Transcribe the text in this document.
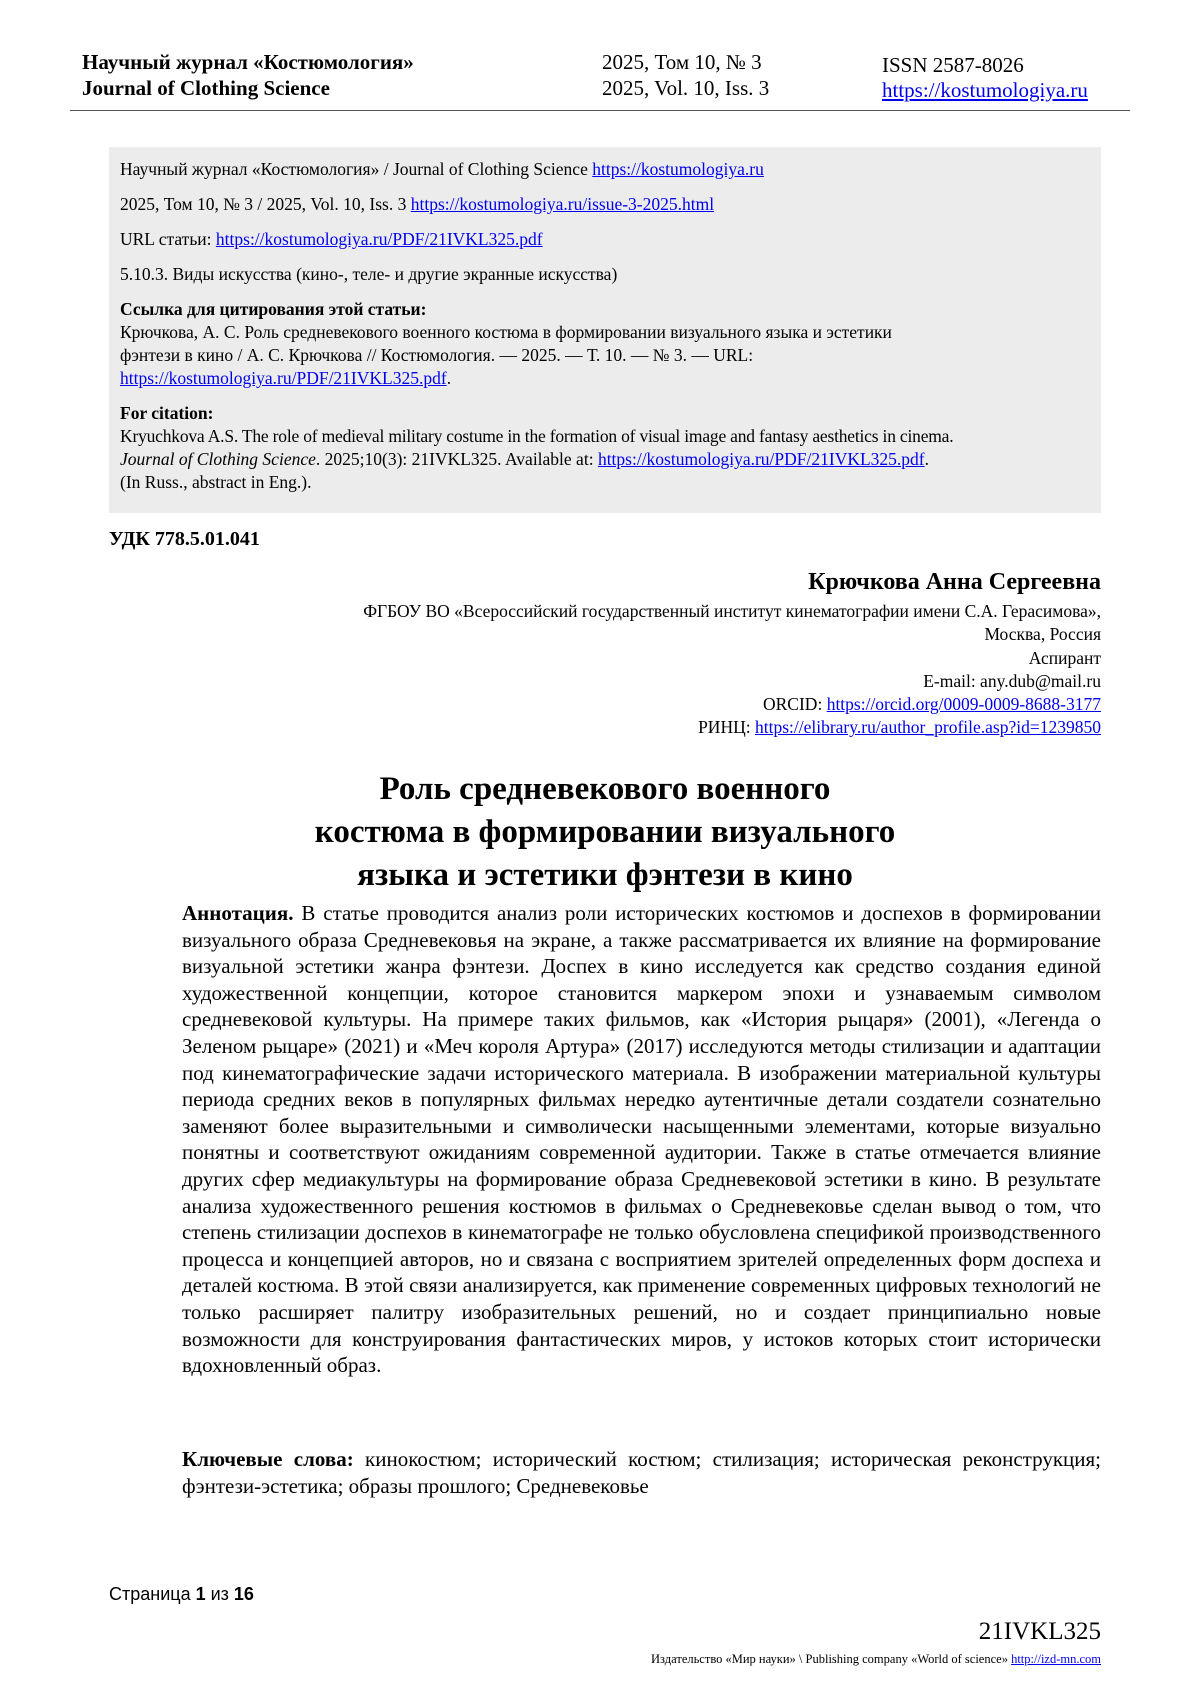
Научный журнал «Костюмология»
Journal of Clothing Science
2025, Том 10, № 3
2025, Vol. 10, Iss. 3
ISSN 2587-8026
https://kostumologiya.ru

Научный журнал «Костюмология» / Journal of Clothing Science https://kostumologiya.ru

2025, Том 10, № 3 / 2025, Vol. 10, Iss. 3 https://kostumologiya.ru/issue-3-2025.html

URL статьи: https://kostumologiya.ru/PDF/21IVKL325.pdf

5.10.3. Виды искусства (кино-, теле- и другие экранные искусства)

Ссылка для цитирования этой статьи:

Крючкова, А. С. Роль средневекового военного костюма в формировании визуального языка и эстетики

фэнтези в кино / А. С. Крючкова // Костюмология. — 2025. — Т. 10. — № 3. — URL:

https://kostumologiya.ru/PDF/21IVKL325.pdf.

For citation:

Kryuchkova A.S. The role of medieval military costume in the formation of visual image and fantasy aesthetics in cinema.

Journal of Clothing Science. 2025;10(3): 21IVKL325. Available at: https://kostumologiya.ru/PDF/21IVKL325.pdf.

(In Russ., abstract in Eng.).

УДК 778.5.01.041
Крючкова Анна Сергеевна
ФГБОУ ВО «Всероссийский государственный институт кинематографии имени С.А. Герасимова»,
Москва, Россия
Аспирант
E-mail: any.dub@mail.ru
ORCID: https://orcid.org/0009-0009-8688-3177
РИНЦ: https://elibrary.ru/author_profile.asp?id=1239850
Роль средневекового военного
костюма в формировании визуального
языка и эстетики фэнтези в кино
Аннотация. В статье проводится анализ роли исторических костюмов и доспехов в формировании визуального образа Средневековья на экране, а также рассматривается их влияние на формирование визуальной эстетики жанра фэнтези. Доспех в кино исследуется как средство создания единой художественной концепции, которое становится маркером эпохи и узнаваемым символом средневековой культуры. На примере таких фильмов, как «История рыцаря» (2001), «Легенда о Зеленом рыцаре» (2021) и «Меч короля Артура» (2017) исследуются методы стилизации и адаптации под кинематографические задачи исторического материала. В изображении материальной культуры периода средних веков в популярных фильмах нередко аутентичные детали создатели сознательно заменяют более выразительными и символически насыщенными элементами, которые визуально понятны и соответствуют ожиданиям современной аудитории. Также в статье отмечается влияние других сфер медиакультуры на формирование образа Средневековой эстетики в кино. В результате анализа художественного решения костюмов в фильмах о Средневековье сделан вывод о том, что степень стилизации доспехов в кинематографе не только обусловлена спецификой производственного процесса и концепцией авторов, но и связана с восприятием зрителей определенных форм доспеха и деталей костюма. В этой связи анализируется, как применение современных цифровых технологий не только расширяет палитру изобразительных решений, но и создает принципиально новые возможности для конструирования фантастических миров, у истоков которых стоит исторически вдохновленный образ.
Ключевые слова: кинокостюм; исторический костюм; стилизация; историческая реконструкция; фэнтези-эстетика; образы прошлого; Средневековье
Страница 1 из 16
21IVKL325
Издательство «Мир науки» \ Publishing company «World of science» http://izd-mn.com
